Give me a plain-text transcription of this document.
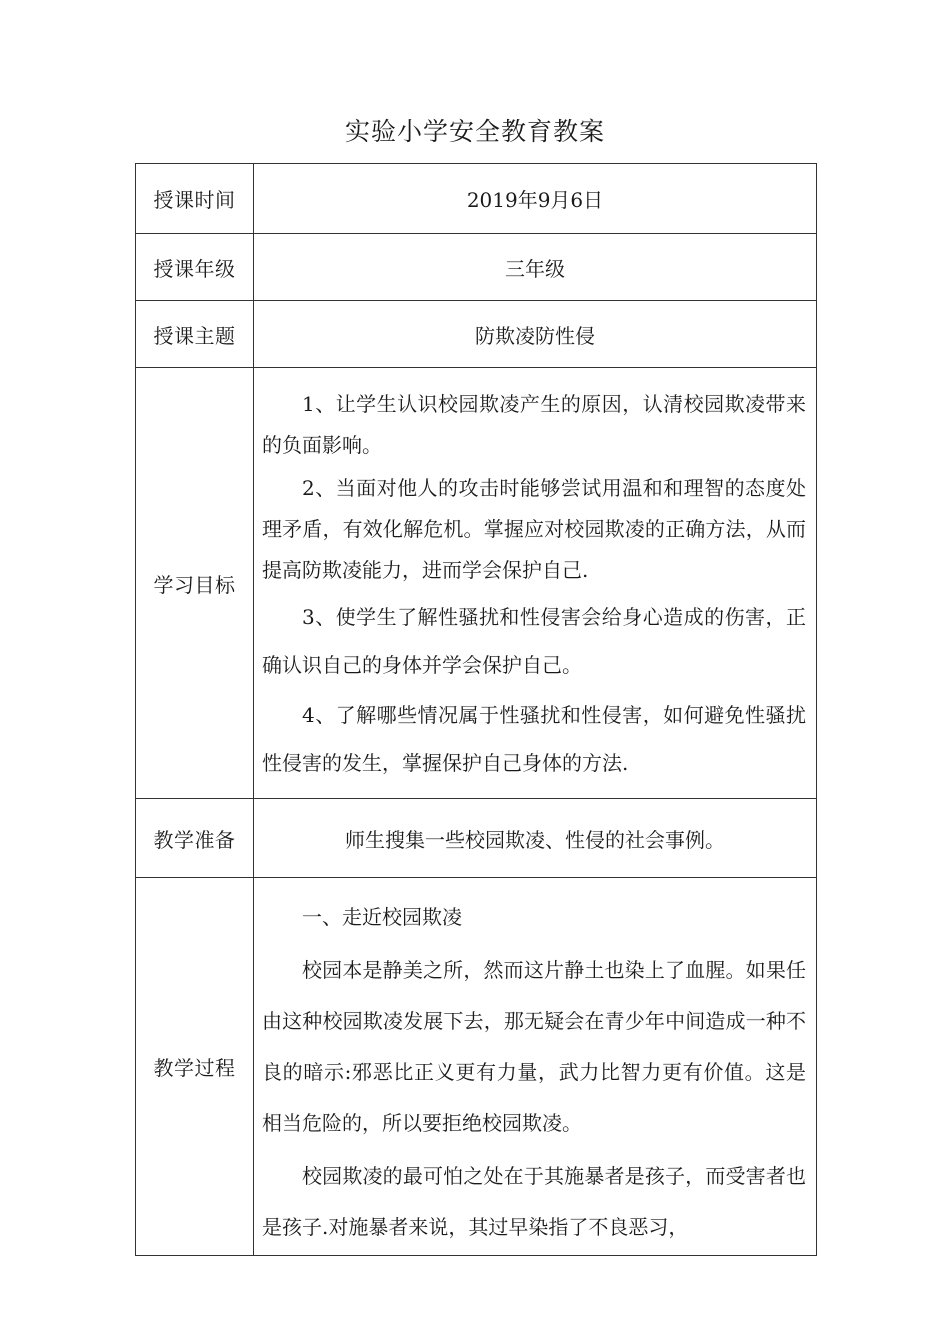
实验小学安全教育教案
授课时间	2019年9月6日
授课年级	三年级
授课主题	防欺凌防性侵
学习目标	1、让学生认识校园欺凌产生的原因，认清校园欺凌带来的负面影响。

2、当面对他人的攻击时能够尝试用温和和理智的态度处理矛盾，有效化解危机。掌握应对校园欺凌的正确方法，从而提高防欺凌能力，进而学会保护自己.

3、使学生了解性骚扰和性侵害会给身心造成的伤害，正确认识自己的身体并学会保护自己。

4、了解哪些情况属于性骚扰和性侵害，如何避免性骚扰性侵害的发生，掌握保护自己身体的方法.

教学准备	师生搜集一些校园欺凌、性侵的社会事例。
教学过程	一、走近校园欺凌

校园本是静美之所，然而这片静土也染上了血腥。如果任由这种校园欺凌发展下去，那无疑会在青少年中间造成一种不良的暗示:邪恶比正义更有力量，武力比智力更有价值。这是相当危险的，所以要拒绝校园欺凌。

校园欺凌的最可怕之处在于其施暴者是孩子，而受害者也是孩子.对施暴者来说，其过早染指了不良恶习，
